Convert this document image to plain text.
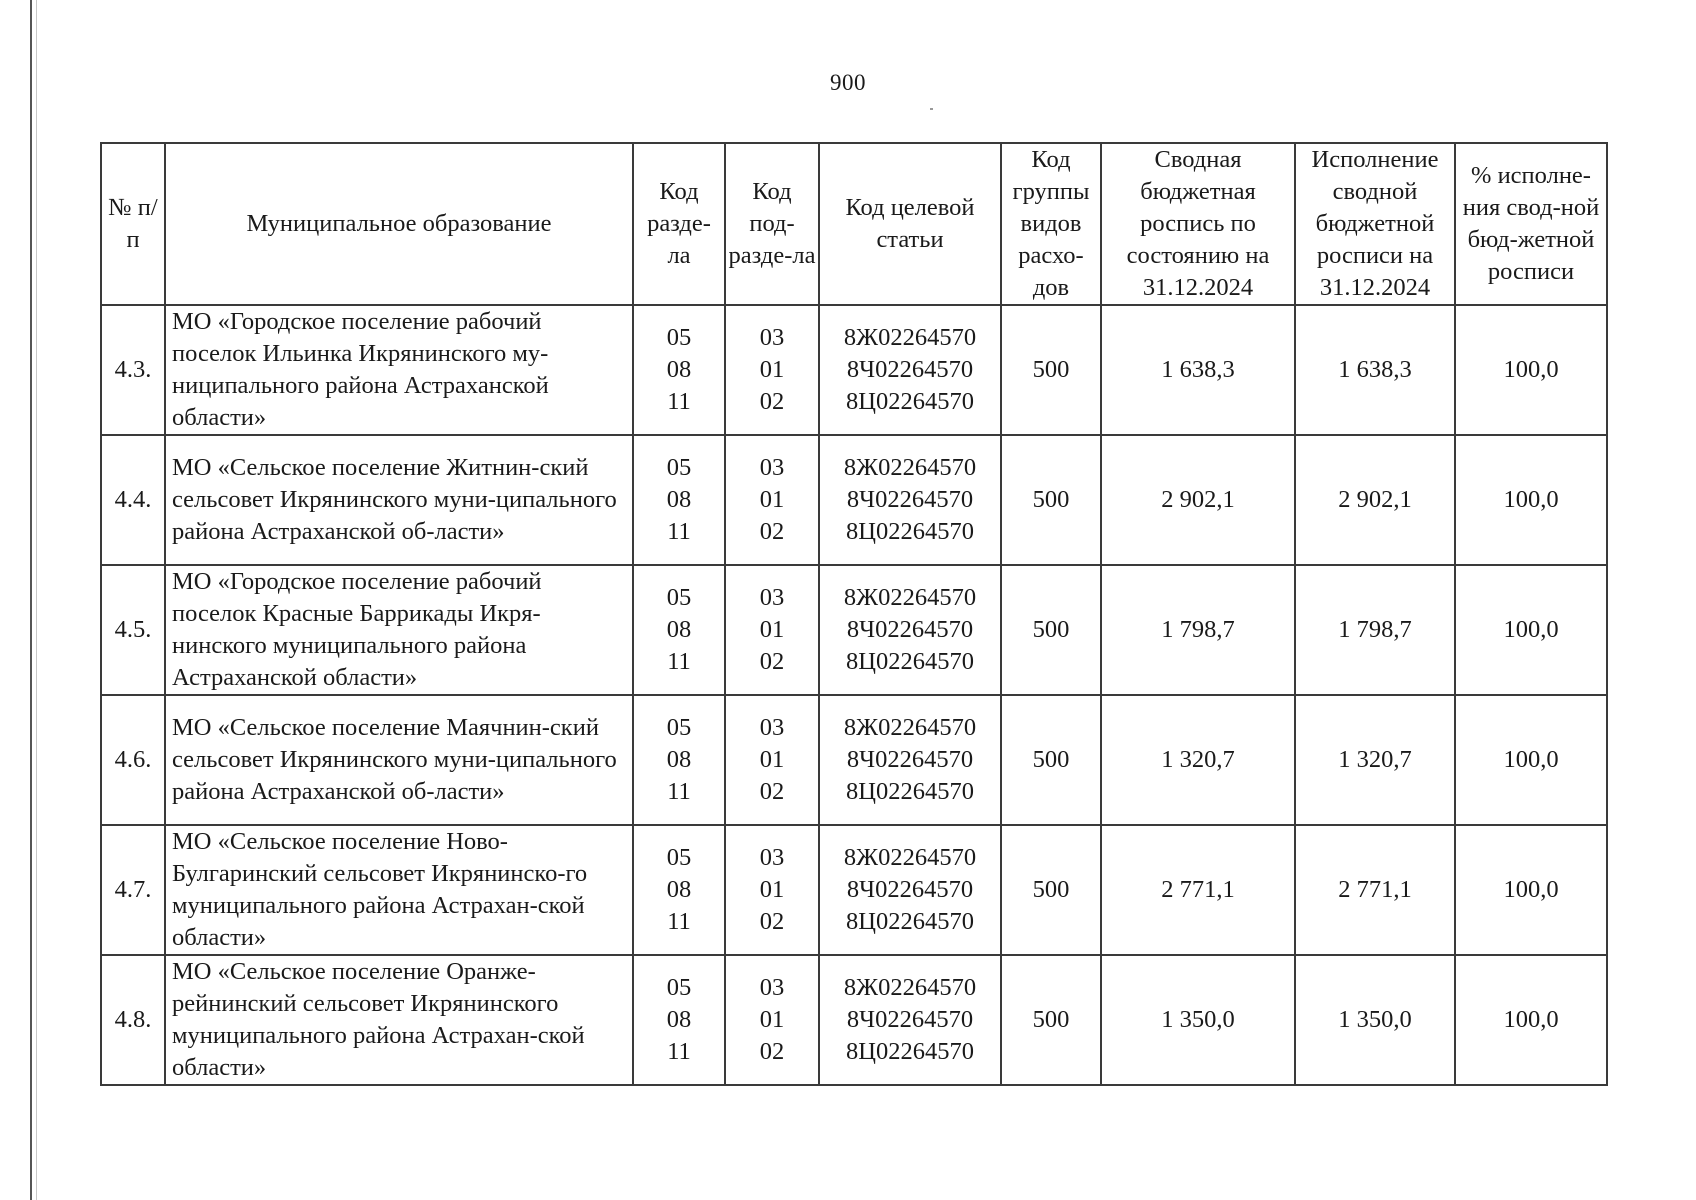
900
№ п/п	Муниципальное образование	Код разде-ла	Код под-разде-ла	Код целевой статьи	Код группы видов расхо-дов	Сводная бюджетная роспись по состоянию на 31.12.2024	Исполнение сводной бюджетной росписи на 31.12.2024	% исполне-ния свод-ной бюд-жетной росписи
4.3.	МО «Городское поселение рабочий поселок Ильинка Икрянинского му-ниципального района Астраханской области»	05
08
11	03
01
02	8Ж02264570
8Ч02264570
8Ц02264570	500	1 638,3	1 638,3	100,0
4.4.	МО «Сельское поселение Житнин-ский сельсовет Икрянинского муни-ципального района Астраханской об-ласти»	05
08
11	03
01
02	8Ж02264570
8Ч02264570
8Ц02264570	500	2 902,1	2 902,1	100,0
4.5.	МО «Городское поселение рабочий поселок Красные Баррикады Икря-нинского муниципального района Астраханской области»	05
08
11	03
01
02	8Ж02264570
8Ч02264570
8Ц02264570	500	1 798,7	1 798,7	100,0
4.6.	МО «Сельское поселение Маячнин-ский сельсовет Икрянинского муни-ципального района Астраханской об-ласти»	05
08
11	03
01
02	8Ж02264570
8Ч02264570
8Ц02264570	500	1 320,7	1 320,7	100,0
4.7.	МО «Сельское поселение Ново-Булгаринский сельсовет Икрянинско-го муниципального района Астрахан-ской области»	05
08
11	03
01
02	8Ж02264570
8Ч02264570
8Ц02264570	500	2 771,1	2 771,1	100,0
4.8.	МО «Сельское поселение Оранже-рейнинский сельсовет Икрянинского муниципального района Астрахан-ской области»	05
08
11	03
01
02	8Ж02264570
8Ч02264570
8Ц02264570	500	1 350,0	1 350,0	100,0
